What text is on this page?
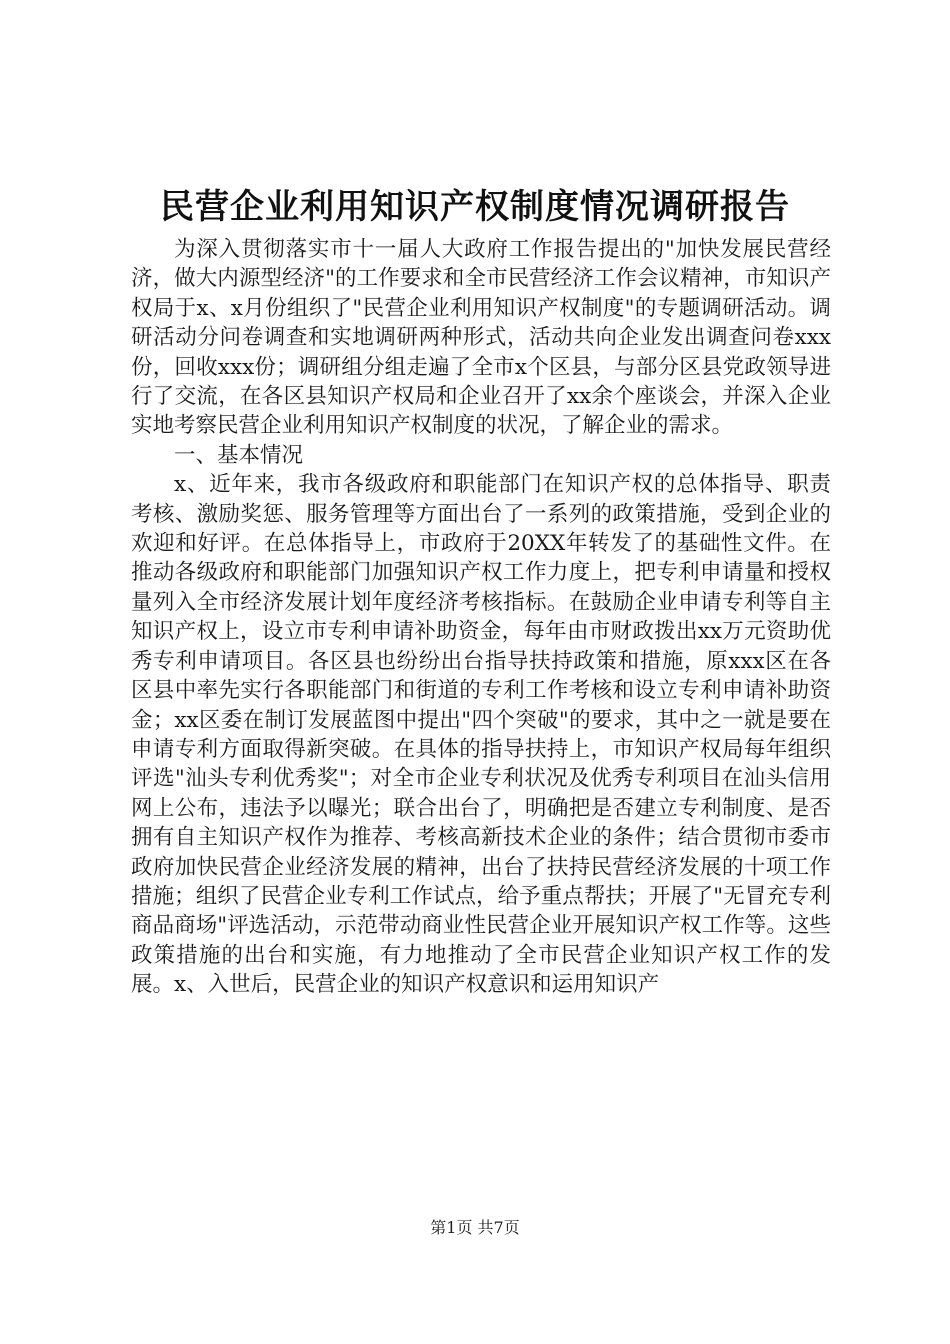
民营企业利用知识产权制度情况调研报告

为深入贯彻落实市十一届人大政府工作报告提出的"加快发展民营经济，做大内源型经济"的工作要求和全市民营经济工作会议精神，市知识产权局于x、x月份组织了"民营企业利用知识产权制度"的专题调研活动。调研活动分问卷调查和实地调研两种形式，活动共向企业发出调查问卷xxx份，回收xxx份；调研组分组走遍了全市x个区县，与部分区县党政领导进行了交流，在各区县知识产权局和企业召开了xx余个座谈会，并深入企业实地考察民营企业利用知识产权制度的状况，了解企业的需求。

一、基本情况

x、近年来，我市各级政府和职能部门在知识产权的总体指导、职责考核、激励奖惩、服务管理等方面出台了一系列的政策措施，受到企业的欢迎和好评。在总体指导上，市政府于20XX年转发了的基础性文件。在推动各级政府和职能部门加强知识产权工作力度上，把专利申请量和授权量列入全市经济发展计划年度经济考核指标。在鼓励企业申请专利等自主知识产权上，设立市专利申请补助资金，每年由市财政拨出xx万元资助优秀专利申请项目。各区县也纷纷出台指导扶持政策和措施，原xxx区在各区县中率先实行各职能部门和街道的专利工作考核和设立专利申请补助资金；xx区委在制订发展蓝图中提出"四个突破"的要求，其中之一就是要在申请专利方面取得新突破。在具体的指导扶持上，市知识产权局每年组织评选"汕头专利优秀奖"；对全市企业专利状况及优秀专利项目在汕头信用网上公布，违法予以曝光；联合出台了，明确把是否建立专利制度、是否拥有自主知识产权作为推荐、考核高新技术企业的条件；结合贯彻市委市政府加快民营企业经济发展的精神，出台了扶持民营经济发展的十项工作措施；组织了民营企业专利工作试点，给予重点帮扶；开展了"无冒充专利商品商场"评选活动，示范带动商业性民营企业开展知识产权工作等。这些政策措施的出台和实施，有力地推动了全市民营企业知识产权工作的发展。x、入世后，民营企业的知识产权意识和运用知识产

第1页 共7页
